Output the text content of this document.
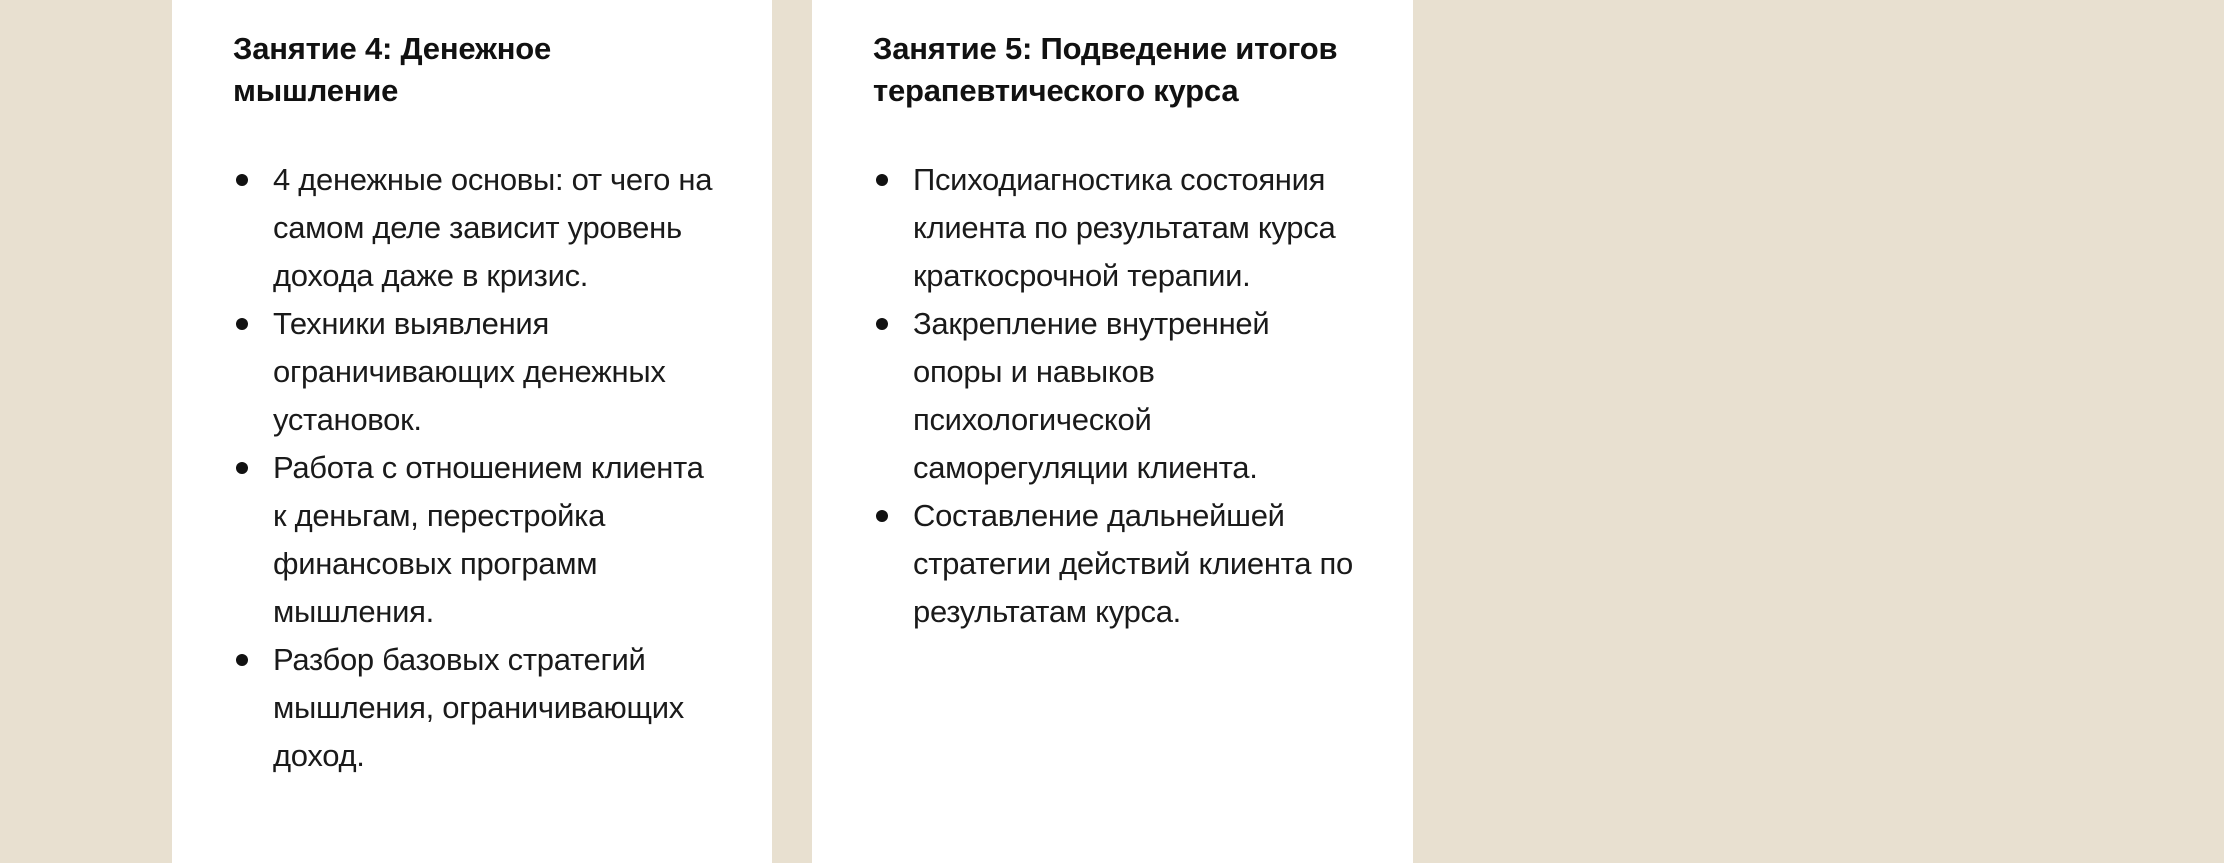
Занятие 4: Денежное
мышление
4 денежные основы: от чего на самом деле зависит уровень дохода даже в кризис.
Техники выявления ограничивающих денежных установок.
Работа с отношением клиента к деньгам, перестройка финансовых программ мышления.
Разбор базовых стратегий мышления, ограничивающих доход.
Занятие 5: Подведение итогов
терапевтического курса
Психодиагностика состояния клиента по результатам курса краткосрочной терапии.
Закрепление внутренней опоры и навыков психологической саморегуляции клиента.
Составление дальнейшей стратегии действий клиента по результатам курса.
